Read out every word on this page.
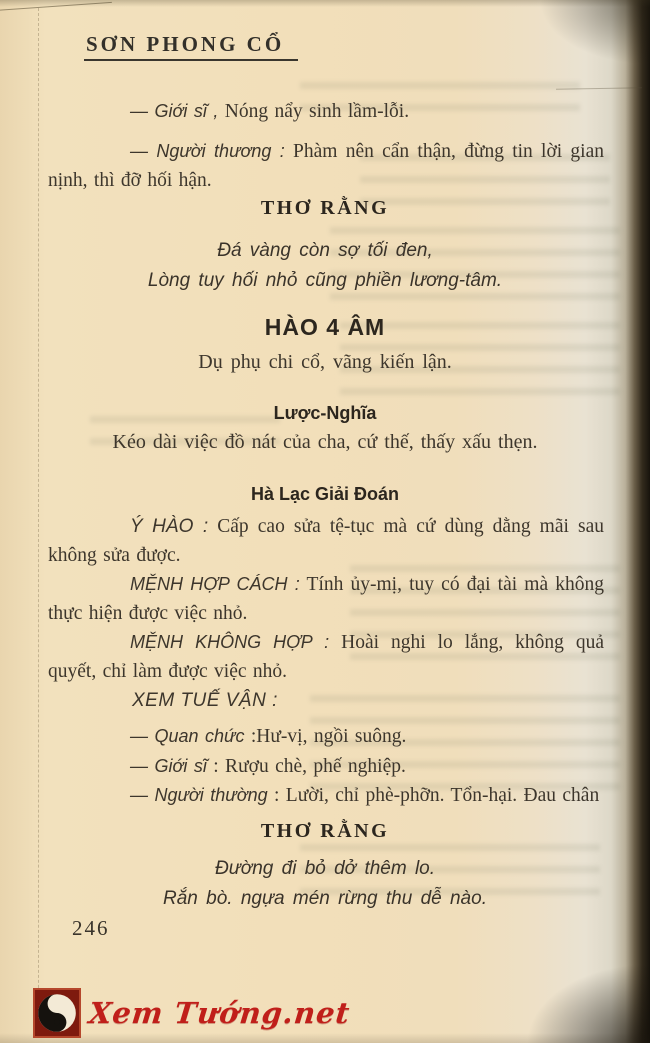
SƠN PHONG CỔ
— Giới sĩ , Nóng nẩy sinh lầm-lỗi.
— Người thương : Phàm nên cẩn thận, đừng tin lời gian nịnh, thì đỡ hối hận.
THƠ RẰNG
Đá vàng còn sợ tối đen,
Lòng tuy hối nhỏ cũng phiền lương-tâm.
HÀO 4 ÂM
Dụ phụ chi cổ, vãng kiến lận.
Lược-Nghĩa
Kéo dài việc đồ nát của cha, cứ thế, thấy xấu thẹn.
Hà Lạc Giải Đoán
Ý HÀO : Cấp cao sửa tệ-tục mà cứ dùng dằng mãi sau không sửa được.
MỆNH HỢP CÁCH : Tính ủy-mị, tuy có đại tài mà không thực hiện được việc nhỏ.
MỆNH KHÔNG HỢP : Hoài nghi lo lắng, không quả quyết, chỉ làm được việc nhỏ.
XEM TUẾ VẬN :
— Quan chức :Hư-vị, ngồi suông.
— Giới sĩ : Rượu chè, phế nghiệp.
— Người thường : Lười, chỉ phè-phỡn. Tổn-hại. Đau chân
THƠ RẰNG
Đường đi bỏ dở thêm lo.
Rắn bò. ngựa mén rừng thu dễ nào.
246
Xem Tướng.net
